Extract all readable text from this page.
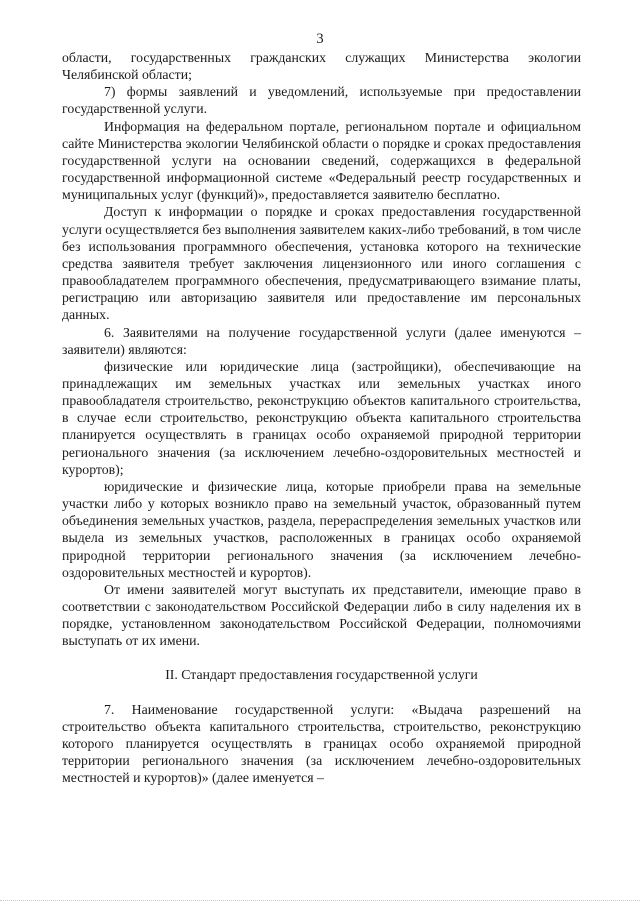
3

области, государственных гражданских служащих Министерства экологии Челябинской области;

7) формы заявлений и уведомлений, используемые при предоставлении государственной услуги.

Информация на федеральном портале, региональном портале и официальном сайте Министерства экологии Челябинской области о порядке и сроках предоставления государственной услуги на основании сведений, содержащихся в федеральной государственной информационной системе «Федеральный реестр государственных и муниципальных услуг (функций)», предоставляется заявителю бесплатно.

Доступ к информации о порядке и сроках предоставления государственной услуги осуществляется без выполнения заявителем каких-либо требований, в том числе без использования программного обеспечения, установка которого на технические средства заявителя требует заключения лицензионного или иного соглашения с правообладателем программного обеспечения, предусматривающего взимание платы, регистрацию или авторизацию заявителя или предоставление им персональных данных.

6. Заявителями на получение государственной услуги (далее именуются – заявители) являются:

физические или юридические лица (застройщики), обеспечивающие на принадлежащих им земельных участках или земельных участках иного правообладателя строительство, реконструкцию объектов капитального строительства, в случае если строительство, реконструкцию объекта капитального строительства планируется осуществлять в границах особо охраняемой природной территории регионального значения (за исключением лечебно-оздоровительных местностей и курортов);

юридические и физические лица, которые приобрели права на земельные участки либо у которых возникло право на земельный участок, образованный путем объединения земельных участков, раздела, перераспределения земельных участков или выдела из земельных участков, расположенных в границах особо охраняемой природной территории регионального значения (за исключением лечебно-оздоровительных местностей и курортов).

От имени заявителей могут выступать их представители, имеющие право в соответствии с законодательством Российской Федерации либо в силу наделения их в порядке, установленном законодательством Российской Федерации, полномочиями выступать от их имени.

II. Стандарт предоставления государственной услуги

7. Наименование государственной услуги: «Выдача разрешений на строительство объекта капитального строительства, строительство, реконструкцию которого планируется осуществлять в границах особо охраняемой природной территории регионального значения (за исключением лечебно-оздоровительных местностей и курортов)» (далее именуется –
